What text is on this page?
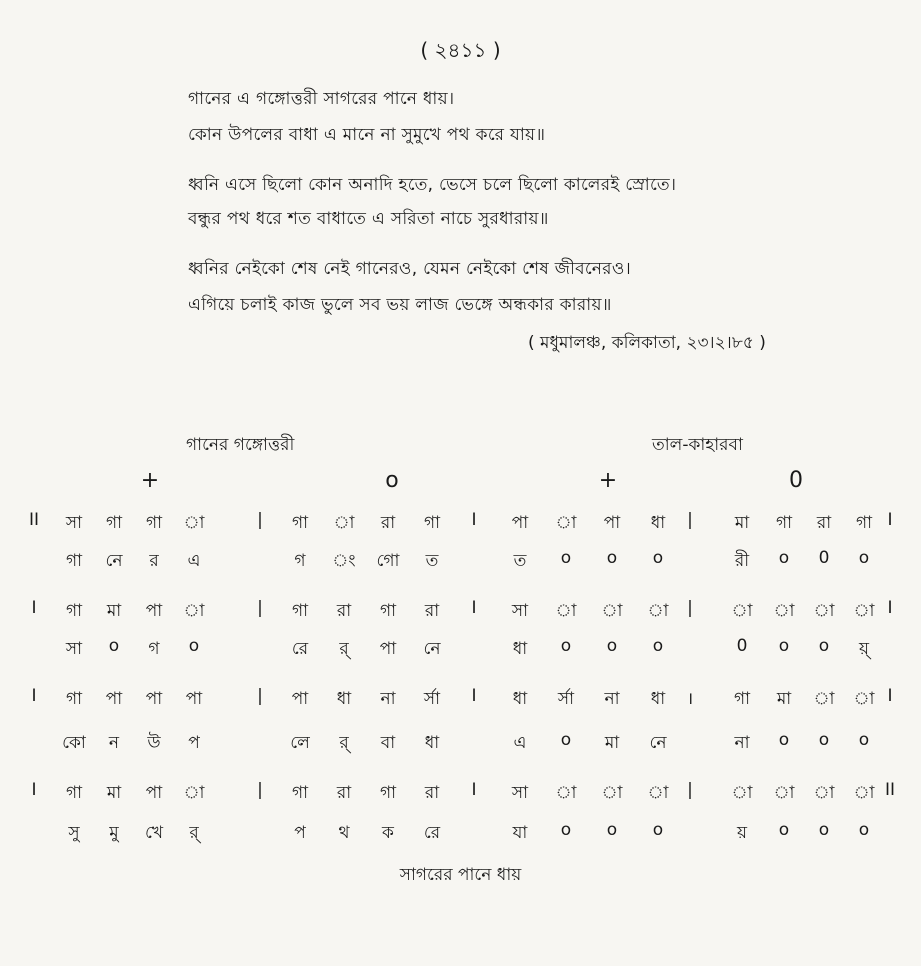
( ২৪১১ )
গানের এ গঙ্গোত্তরী সাগরের পানে ধায়।
কোন উপলের বাধা এ মানে না সুমুখে পথ করে যায়॥
ধ্বনি এসে ছিলো কোন অনাদি হতে, ভেসে চলে ছিলো কালেরই স্রোতে।
বন্ধুর পথ ধরে শত বাধাতে এ সরিতা নাচে সুরধারায়॥
ধ্বনির নেইকো শেষ নেই গানেরও, যেমন নেইকো শেষ জীবনেরও।
এগিয়ে চলাই কাজ ভুলে সব ভয় লাজ ভেঙ্গে অন্ধকার কারায়॥
( মধুমালঞ্চ, কলিকাতা, ২৩।২।৮৫ )
গানের গঙ্গোত্তরী	তাল-কাহারবা
+	o	+	0
II	সা	গা	গা	া	গা	া	রা	গা	পা	া	পা	ধা	মা	গা	রা	গা
|	I	|	I
গা	নে	র	এ	গ	ং	গো	ত	ত	o	o	o	রী	o	0	o
I	গা	মা	পা	া	গা	রা	গা	রা	সা	া	া	া	া	া	া	া
|	I	|	I
সা	o	গ	o	রে	র্	পা	নে	ধা	o	o	o	0	o	o	য়্
I	গা	পা	পা	পা	পা	ধা	না	র্সা	ধা	র্সা	না	ধা	গা	মা	া	া
|	I	।	I
কো	ন	উ	প	লে	র্	বা	ধা	এ	o	মা	নে	না	o	o	o
I	গা	মা	পা	া	গা	রা	গা	রা	সা	া	া	া	া	া	া	া
|	I	|	II
সু	মু	খে	র্	প	থ	ক	রে	যা	o	o	o	য়	o	o	o
সাগরের পানে ধায়
